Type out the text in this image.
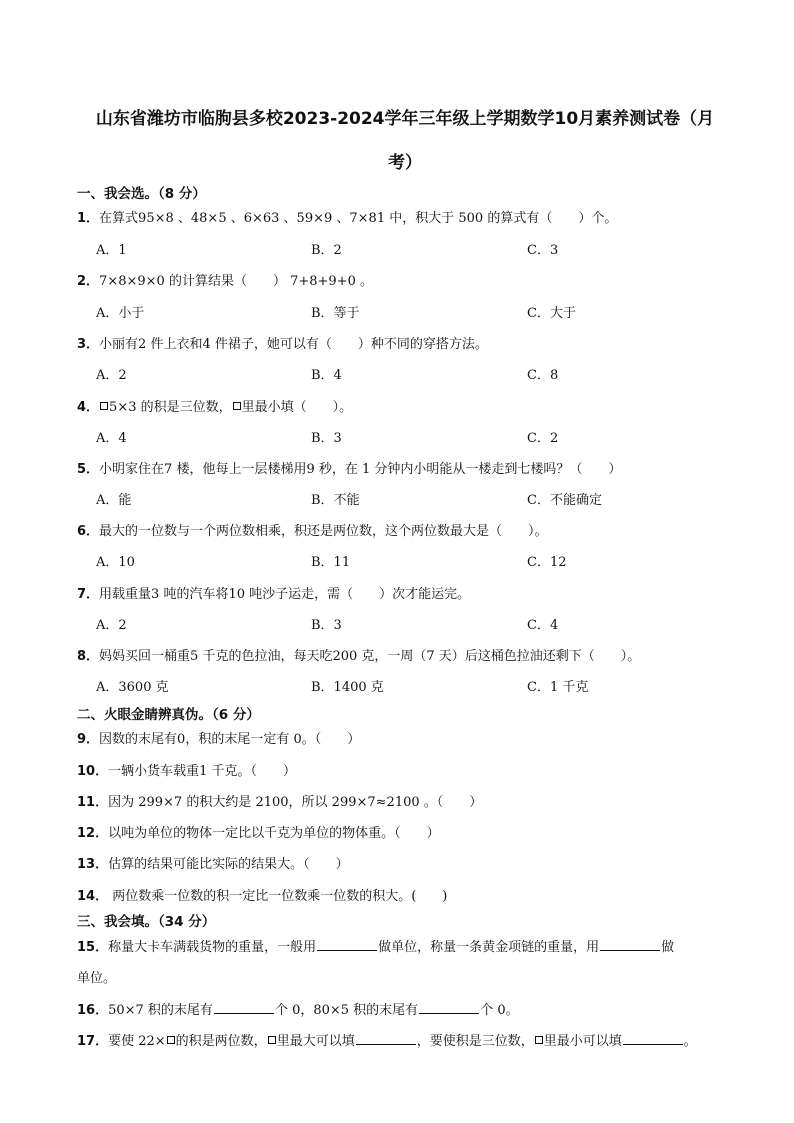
山东省潍坊市临朐县多校2023-2024学年三年级上学期数学10月素养测试卷（月
考）
一、我会选。（8 分）
1．在算式95×8 、48×5 、6×63 、59×9 、7×81 中，积大于 500 的算式有（　　）个。
A．1	B．2	C．3
2．7×8×9×0 的计算结果（　　） 7+8+9+0 。
A．小于	B．等于	C．大于
3．小丽有2 件上衣和4 件裙子，她可以有（　　）种不同的穿搭方法。
A．2	B．4	C．8
4． 5×3 的积是三位数， 里最小填（　　）。
A．4	B．3	C．2
5．小明家住在7 楼，他每上一层楼梯用9 秒，在 1 分钟内小明能从一楼走到七楼吗？（　　）
A．能	B．不能	C．不能确定
6．最大的一位数与一个两位数相乘，积还是两位数，这个两位数最大是（　　）。
A．10	B．11	C．12
7．用载重量3 吨的汽车将10 吨沙子运走，需（　　）次才能运完。
A．2	B．3	C．4
8．妈妈买回一桶重5 千克的色拉油，每天吃200 克，一周（7 天）后这桶色拉油还剩下（　　）。
A．3600 克	B．1400 克	C．1 千克
二、火眼金睛辨真伪。（6 分）
9．因数的末尾有0，积的末尾一定有 0。（　　）
10．一辆小货车载重1 千克。（　　）
11．因为 299×7 的积大约是 2100，所以 299×7≈2100 。（　　）
12．以吨为单位的物体一定比以千克为单位的物体重。（　　）
13．估算的结果可能比实际的结果大。（　　）
14． 两位数乘一位数的积一定比一位数乘一位数的积大。(　　)
三、我会填。（34 分）
15．称量大卡车满载货物的重量，一般用	做单位，称量一条黄金项链的重量，用	做
单位。
16．50×7 积的末尾有	个 0，80×5 积的末尾有	个 0。
17．要使 22× 的积是两位数， 里最大可以填	，要使积是三位数， 里最小可以填	。
